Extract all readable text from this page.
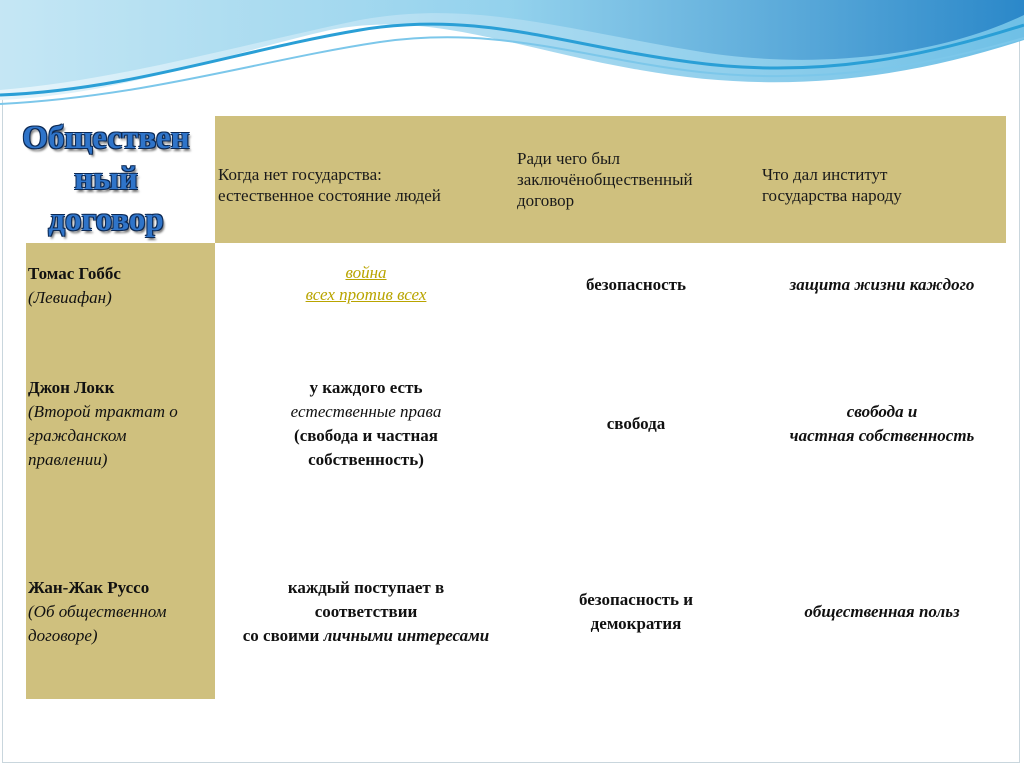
Обществен
ный
договор
Когда нет государства:
естественное состояние людей
Ради чего был
заключёнобщественный
договор
Что дал институт
государства народу
Томас Гоббс
(Левиафан)
война
всех против всех
безопасность	защита жизни каждого
Джон Локк
(Второй трактат о
гражданском
правлении)
у каждого есть
естественные права
(свобода и частная
собственность)
свобода
свобода и
частная собственность
Жан-Жак Руссо
(Об общественном
договоре)
каждый поступает в
соответствии
со своими личными интересами
безопасность и
демократия
общественная польз
